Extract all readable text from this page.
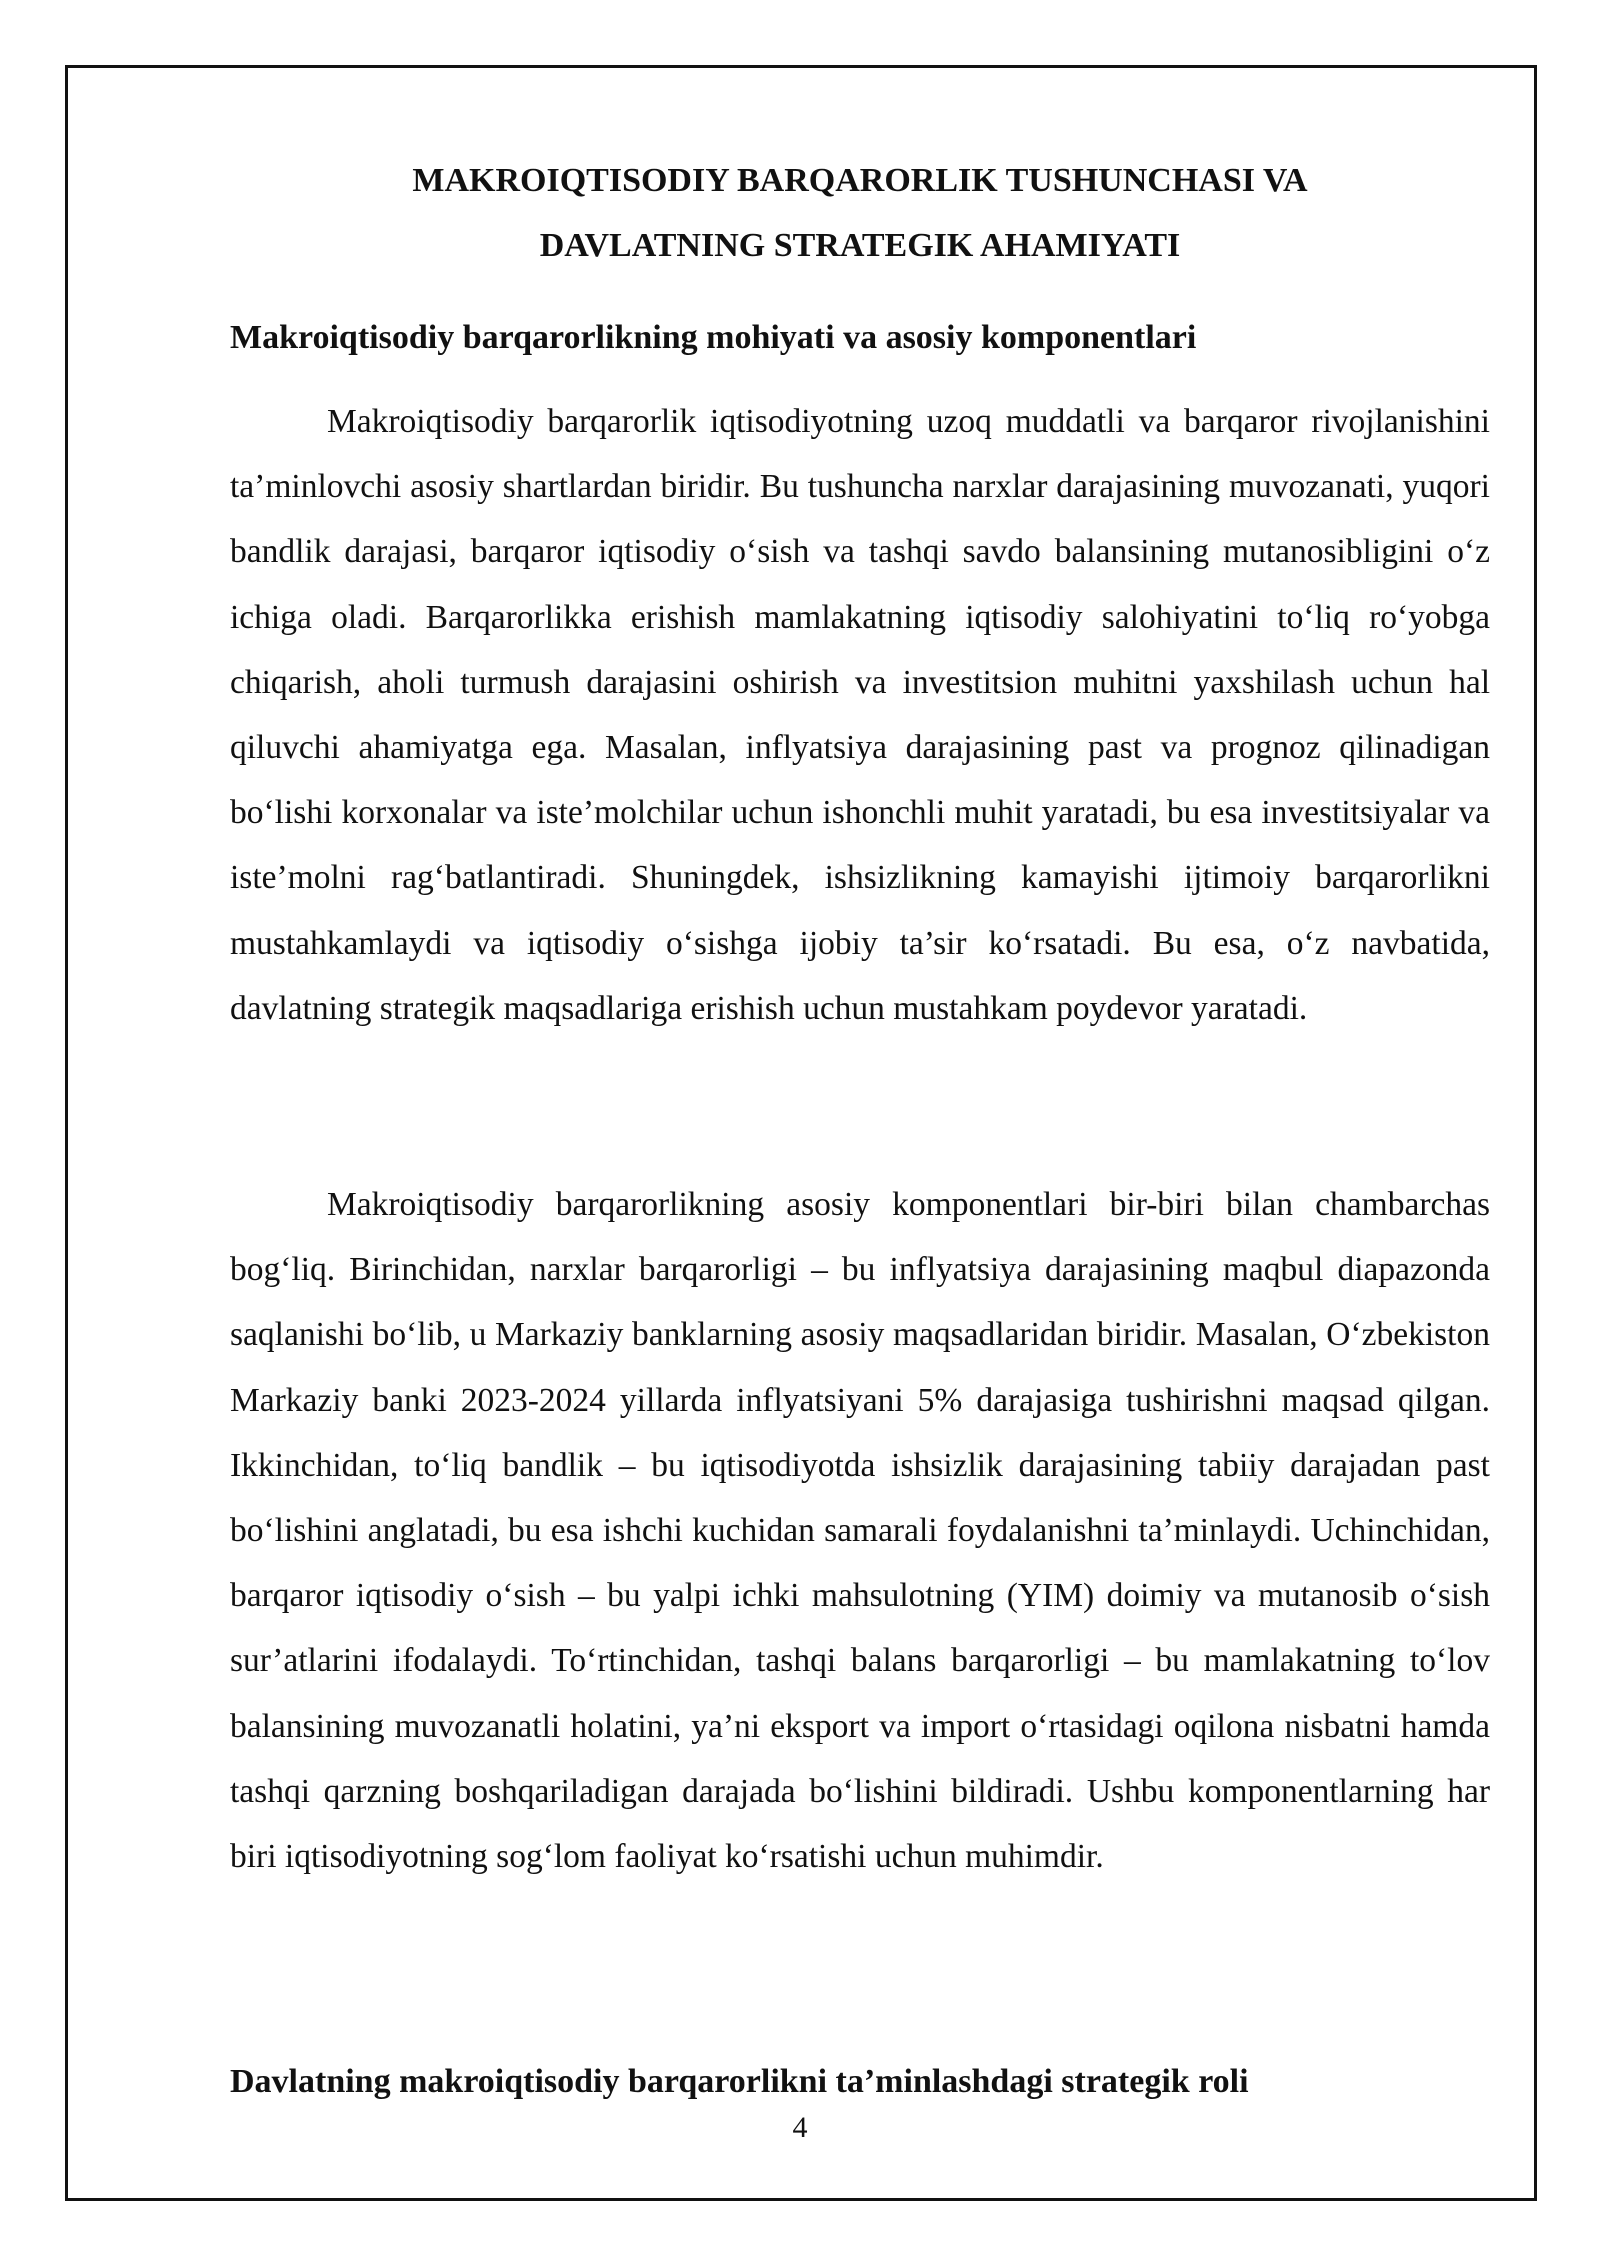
MAKROIQTISODIY BARQARORLIK TUSHUNCHASI VA
DAVLATNING STRATEGIK AHAMIYATI
Makroiqtisodiy barqarorlikning mohiyati va asosiy komponentlari

Makroiqtisodiy barqarorlik iqtisodiyotning uzoq muddatli va barqaror rivojlanishini ta’minlovchi asosiy shartlardan biridir. Bu tushuncha narxlar darajasining muvozanati, yuqori bandlik darajasi, barqaror iqtisodiy o‘sish va tashqi savdo balansining mutanosibligini o‘z ichiga oladi. Barqarorlikka erishish mamlakatning iqtisodiy salohiyatini to‘liq ro‘yobga chiqarish, aholi turmush darajasini oshirish va investitsion muhitni yaxshilash uchun hal qiluvchi ahamiyatga ega. Masalan, inflyatsiya darajasining past va prognoz qilinadigan bo‘lishi korxonalar va iste’molchilar uchun ishonchli muhit yaratadi, bu esa investitsiyalar va iste’molni rag‘batlantiradi. Shuningdek, ishsizlikning kamayishi ijtimoiy barqarorlikni mustahkamlaydi va iqtisodiy o‘sishga ijobiy ta’sir ko‘rsatadi. Bu esa, o‘z navbatida, davlatning strategik maqsadlariga erishish uchun mustahkam poydevor yaratadi.

Makroiqtisodiy barqarorlikning asosiy komponentlari bir-biri bilan chambarchas bog‘liq. Birinchidan, narxlar barqarorligi – bu inflyatsiya darajasining maqbul diapazonda saqlanishi bo‘lib, u Markaziy banklarning asosiy maqsadlaridan biridir. Masalan, O‘zbekiston Markaziy banki 2023-2024 yillarda inflyatsiyani 5% darajasiga tushirishni maqsad qilgan. Ikkinchidan, to‘liq bandlik – bu iqtisodiyotda ishsizlik darajasining tabiiy darajadan past bo‘lishini anglatadi, bu esa ishchi kuchidan samarali foydalanishni ta’minlaydi. Uchinchidan, barqaror iqtisodiy o‘sish – bu yalpi ichki mahsulotning (YIM) doimiy va mutanosib o‘sish sur’atlarini ifodalaydi. To‘rtinchidan, tashqi balans barqarorligi – bu mamlakatning to‘lov balansining muvozanatli holatini, ya’ni eksport va import o‘rtasidagi oqilona nisbatni hamda tashqi qarzning boshqariladigan darajada bo‘lishini bildiradi. Ushbu komponentlarning har biri iqtisodiyotning sog‘lom faoliyat ko‘rsatishi uchun muhimdir.

Davlatning makroiqtisodiy barqarorlikni ta’minlashdagi strategik roli
4
